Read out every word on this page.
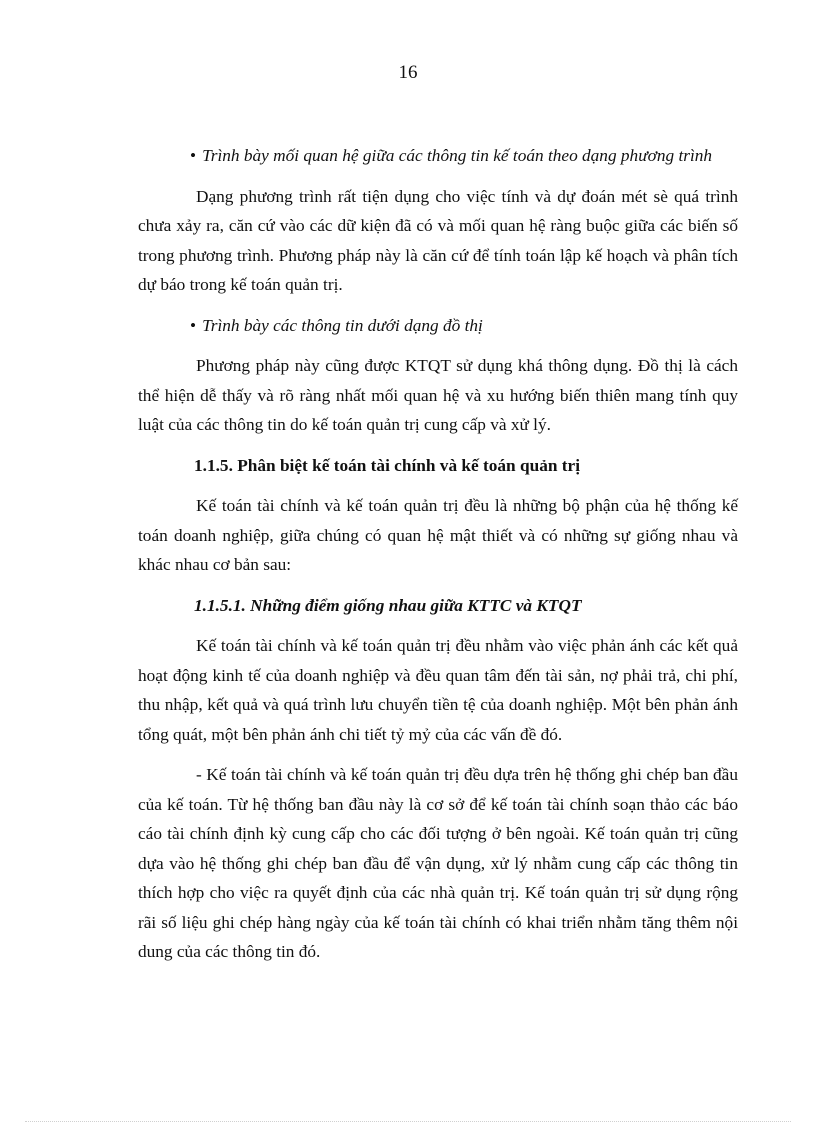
16

• Trình bày mối quan hệ giữa các thông tin kế toán theo dạng phương trình

Dạng phương trình rất tiện dụng cho việc tính và dự đoán mét sè quá trình chưa xảy ra, căn cứ vào các dữ kiện đã có và mối quan hệ ràng buộc giữa các biến số trong phương trình. Phương pháp này là căn cứ để tính toán lập kế hoạch và phân tích dự báo trong kế toán quản trị.

• Trình bày các thông tin dưới dạng đồ thị

Phương pháp này cũng được KTQT sử dụng khá thông dụng. Đồ thị là cách thể hiện dễ thấy và rõ ràng nhất mối quan hệ và xu hướng biến thiên mang tính quy luật của các thông tin do kế toán quản trị cung cấp và xử lý.

1.1.5. Phân biệt kế toán tài chính và kế toán quản trị

Kế toán tài chính và kế toán quản trị đều là những bộ phận của hệ thống kế toán doanh nghiệp, giữa chúng có quan hệ mật thiết và có những sự giống nhau và khác nhau cơ bản sau:

1.1.5.1. Những điểm giống nhau giữa KTTC và KTQT

Kế toán tài chính và kế toán quản trị đều nhằm vào việc phản ánh các kết quả hoạt động kinh tế của doanh nghiệp và đều quan tâm đến tài sản, nợ phải trả, chi phí, thu nhập, kết quả và quá trình lưu chuyển tiền tệ của doanh nghiệp. Một bên phản ánh tổng quát, một bên phản ánh chi tiết tỷ mỷ của các vấn đề đó.

- Kế toán tài chính và kế toán quản trị đều dựa trên hệ thống ghi chép ban đầu của kế toán. Từ hệ thống ban đầu này là cơ sở để kế toán tài chính soạn thảo các báo cáo tài chính định kỳ cung cấp cho các đối tượng ở bên ngoài. Kế toán quản trị cũng dựa vào hệ thống ghi chép ban đầu để vận dụng, xử lý nhằm cung cấp các thông tin thích hợp cho việc ra quyết định của các nhà quản trị. Kế toán quản trị sử dụng rộng rãi số liệu ghi chép hàng ngày của kế toán tài chính có khai triển nhằm tăng thêm nội dung của các thông tin đó.
